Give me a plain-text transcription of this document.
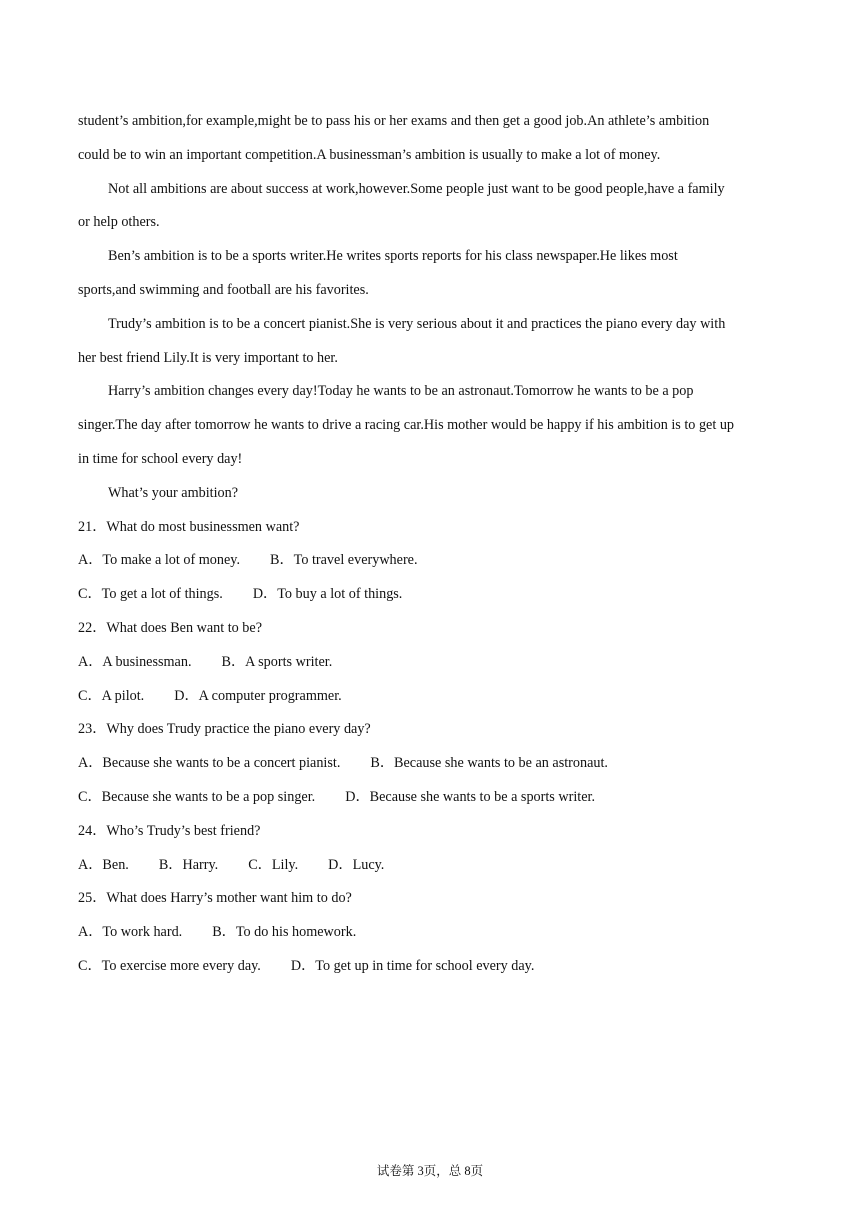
student’s ambition,for example,might be to pass his or her exams and then get a good job.An athlete’s ambition
could be to win an important competition.A businessman’s ambition is usually to make a lot of money.
Not all ambitions are about success at work,however.Some people just want to be good people,have a family
or help others.
Ben’s ambition is to be a sports writer.He writes sports reports for his class newspaper.He likes most
sports,and swimming and football are his favorites.
Trudy’s ambition is to be a concert pianist.She is very serious about it and practices the piano every day with
her best friend Lily.It is very important to her.
Harry’s ambition changes every day!Today he wants to be an astronaut.Tomorrow he wants to be a pop
singer.The day after tomorrow he wants to drive a racing car.His mother would be happy if his ambition is to get up
in time for school every day!
What’s your ambition?
21．What do most businessmen want?
A．To make a lot of money. B．To travel everywhere.
C．To get a lot of things. D．To buy a lot of things.
22．What does Ben want to be?
A．A businessman. B．A sports writer.
C．A pilot. D．A computer programmer.
23．Why does Trudy practice the piano every day?
A．Because she wants to be a concert pianist. B．Because she wants to be an astronaut.
C．Because she wants to be a pop singer. D．Because she wants to be a sports writer.
24．Who’s Trudy’s best friend?
A．Ben. B．Harry. C．Lily. D．Lucy.
25．What does Harry’s mother want him to do?
A．To work hard. B．To do his homework.
C．To exercise more every day. D．To get up in time for school every day.
试卷第 3页，总 8页
